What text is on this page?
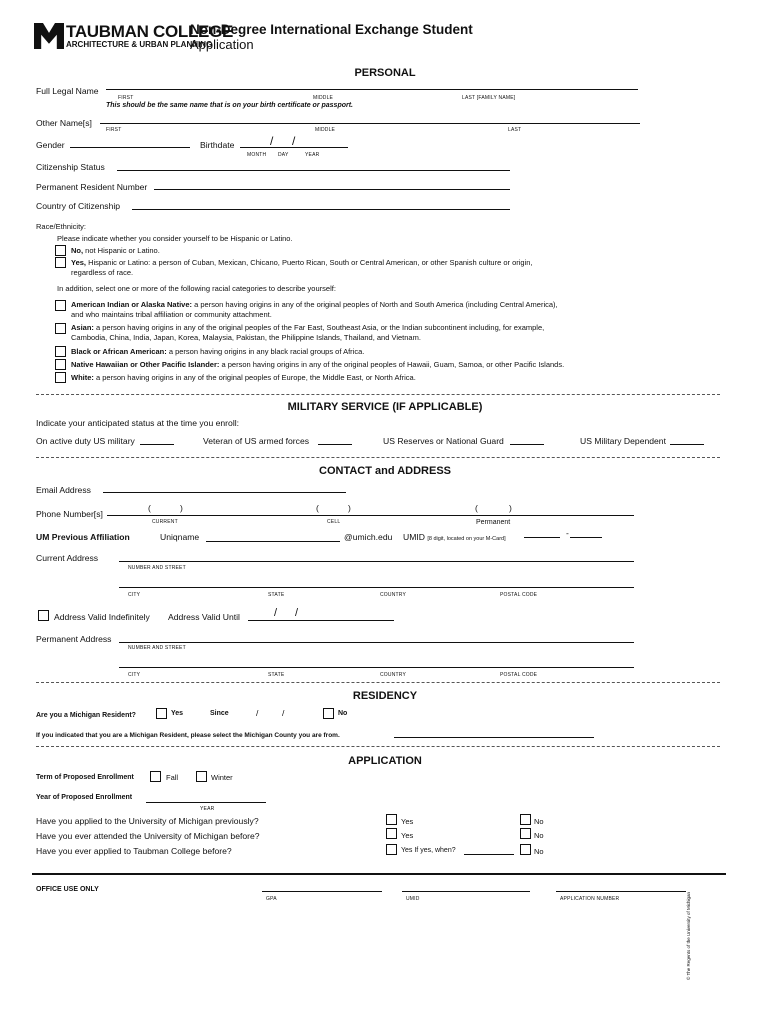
TAUBMAN COLLEGE
ARCHITECTURE & URBAN PLANNING
Non-Degree International Exchange Student
Application
PERSONAL
Full Legal Name
FIRST	MIDDLE	LAST [FAMILY NAME]
This should be the same name that is on your birth certificate or passport.
Other Name[s]
FIRST	MIDDLE	LAST
Gender	Birthdate	/ /
MONTH DAY	YEAR
Citizenship Status
Permanent Resident Number
Country of Citizenship
Race/Ethnicity:
Please indicate whether you consider yourself to be Hispanic or Latino.
No, not Hispanic or Latino.
Yes, Hispanic or Latino: a person of Cuban, Mexican, Chicano, Puerto Rican, South or Central American, or other Spanish culture or origin,
regardless of race.
In addition, select one or more of the following racial categories to describe yourself:
American Indian or Alaska Native: a person having origins in any of the original peoples of North and South America (including Central America),
and who maintains tribal affiliation or community attachment.
Asian: a person having origins in any of the original peoples of the Far East, Southeast Asia, or the Indian subcontinent including, for example,
Cambodia, China, India, Japan, Korea, Malaysia, Pakistan, the Philippine Islands, Thailand, and Vietnam.
Black or African American: a person having origins in any black racial groups of Africa.
Native Hawaiian or Other Pacific Islander: a person having origins in any of the original peoples of Hawaii, Guam, Samoa, or other Pacific Islands.
White: a person having origins in any of the original peoples of Europe, the Middle East, or North Africa.
MILITARY SERVICE (IF APPLICABLE)
Indicate your anticipated status at the time you enroll:
On active duty US military	Veteran of US armed forces	US Reserves or National Guard	US Military Dependent
CONTACT and ADDRESS
Email Address
Phone Number[s]
(	)	(	)	(	)
CURRENT	CELL	Permanent
UM Previous Affiliation	Uniqname	@umich.edu UMID [8 digit, located on your M-Card]
-
Current Address
NUMBER AND STREET
CITY	STATE	COUNTRY	POSTAL CODE
Address Valid Indefinitely Address Valid Until	/ /
Permanent Address
NUMBER AND STREET
CITY	STATE	COUNTRY	POSTAL CODE
RESIDENCY
Are you a Michigan Resident?	Yes	Since	/	/	No
If you indicated that you are a Michigan Resident, please select the Michigan County you are from.
APPLICATION
Term of Proposed Enrollment	Fall	Winter
Year of Proposed Enrollment
YEAR
Have you applied to the University of Michigan previously?	Yes	No
Have you ever attended the University of Michigan before?	Yes	No
Have you ever applied to Taubman College before?	Yes If yes, when?	No
OFFICE USE ONLY
GPA	UMID	APPLICATION NUMBER	© The Regents of the University of Michigan
